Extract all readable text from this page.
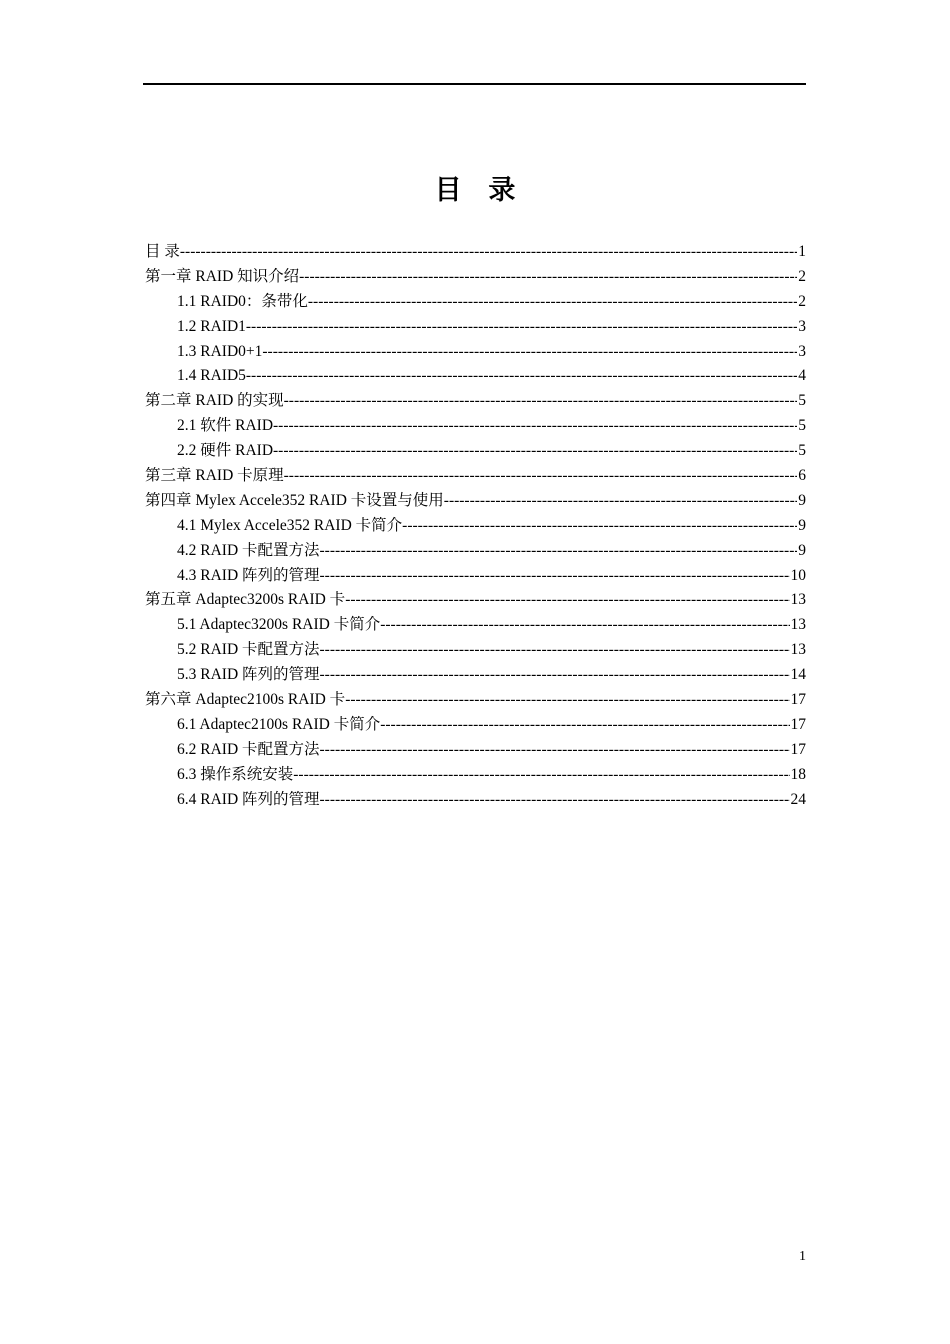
目 录
目 录 -----	1
第一章 RAID 知识介绍 -----	2
1.1 RAID0：条带化 -----	2
1.2 RAID1 -----	3
1.3 RAID0+1 -----	3
1.4 RAID5 -----	4
第二章 RAID 的实现 -----	5
2.1 软件 RAID -----	5
2.2 硬件 RAID -----	5
第三章 RAID 卡原理 -----	6
第四章 Mylex Accele352 RAID 卡设置与使用 -----	9
4.1 Mylex Accele352 RAID 卡简介 -----	9
4.2 RAID 卡配置方法 -----	9
4.3 RAID 阵列的管理 -----	10
第五章 Adaptec3200s RAID 卡 -----	13
5.1 Adaptec3200s RAID 卡简介 -----	13
5.2 RAID 卡配置方法 -----	13
5.3 RAID 阵列的管理 -----	14
第六章 Adaptec2100s RAID 卡 -----	17
6.1 Adaptec2100s RAID 卡简介 -----	17
6.2 RAID 卡配置方法 -----	17
6.3 操作系统安装 -----	18
6.4 RAID 阵列的管理 -----	24
1
